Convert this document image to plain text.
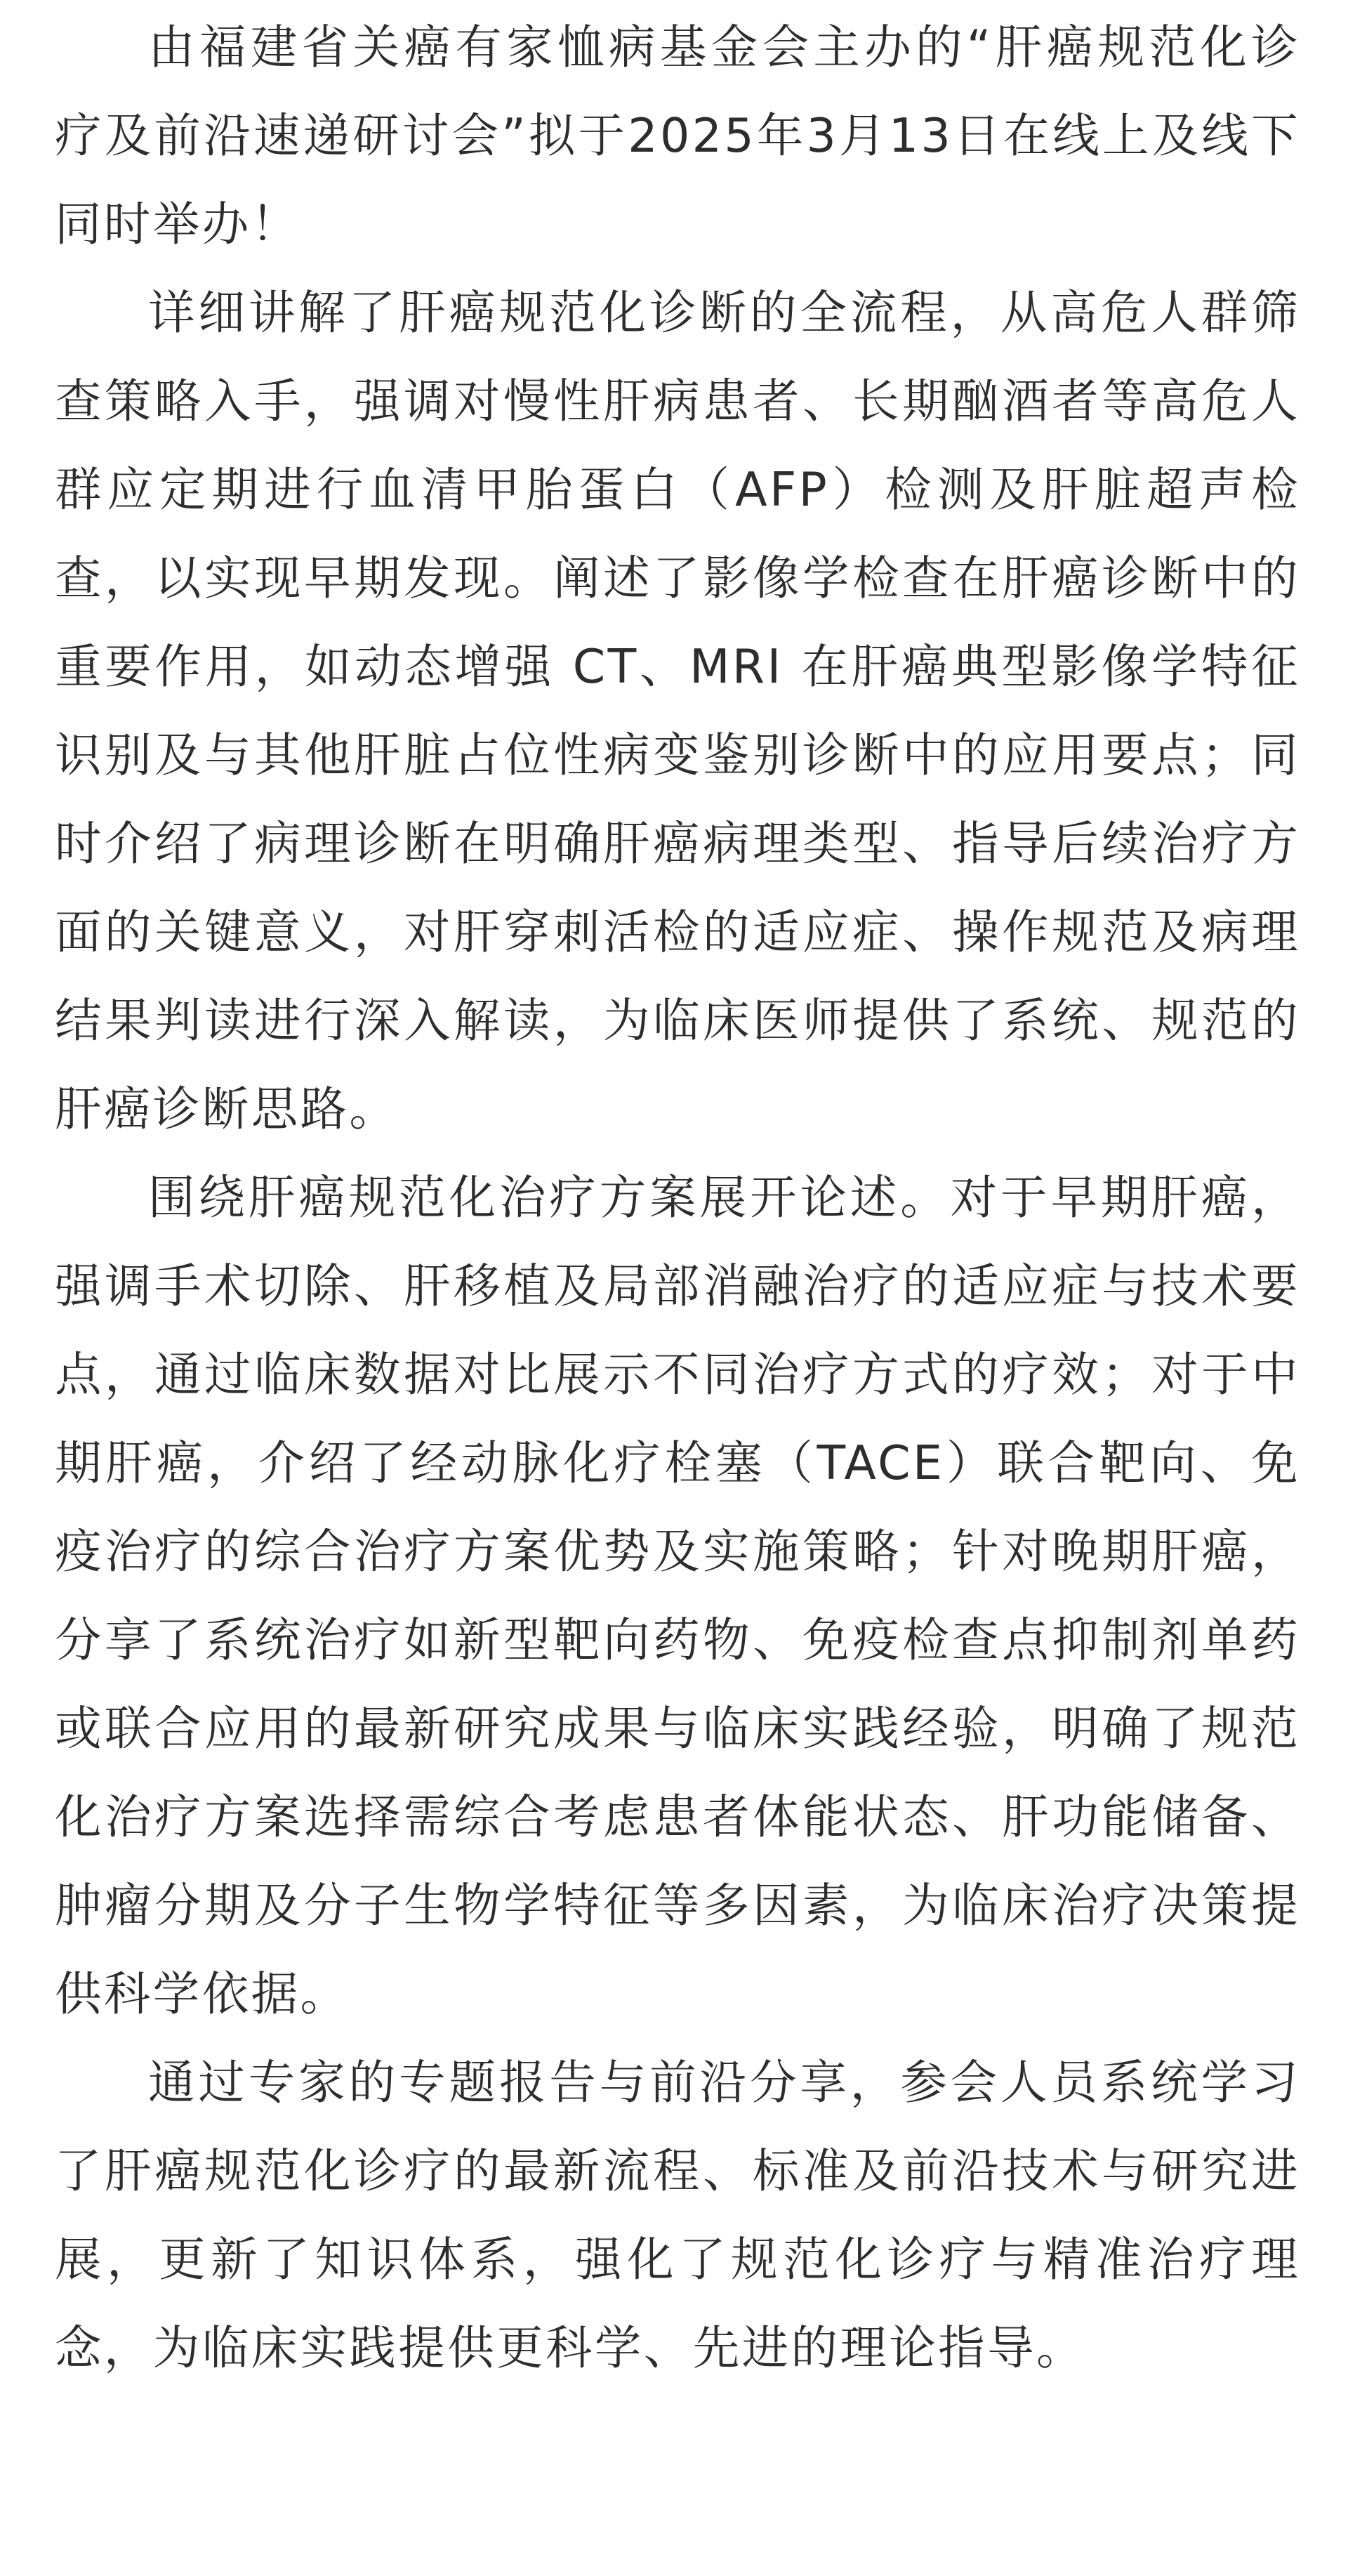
由福建省关癌有家恤病基金会主办的“肝癌规范化诊疗及前沿速递研讨会”拟于2025年3月13日在线上及线下同时举办！

详细讲解了肝癌规范化诊断的全流程，从高危人群筛查策略入手，强调对慢性肝病患者、长期酗酒者等高危人群应定期进行血清甲胎蛋白（AFP）检测及肝脏超声检查，以实现早期发现。阐述了影像学检查在肝癌诊断中的重要作用，如动态增强 CT、MRI 在肝癌典型影像学特征识别及与其他肝脏占位性病变鉴别诊断中的应用要点；同时介绍了病理诊断在明确肝癌病理类型、指导后续治疗方面的关键意义，对肝穿刺活检的适应症、操作规范及病理结果判读进行深入解读，为临床医师提供了系统、规范的肝癌诊断思路。

围绕肝癌规范化治疗方案展开论述。对于早期肝癌，强调手术切除、肝移植及局部消融治疗的适应症与技术要点，通过临床数据对比展示不同治疗方式的疗效；对于中期肝癌，介绍了经动脉化疗栓塞（TACE）联合靶向、免疫治疗的综合治疗方案优势及实施策略；针对晚期肝癌，分享了系统治疗如新型靶向药物、免疫检查点抑制剂单药或联合应用的最新研究成果与临床实践经验，明确了规范化治疗方案选择需综合考虑患者体能状态、肝功能储备、肿瘤分期及分子生物学特征等多因素，为临床治疗决策提供科学依据。

通过专家的专题报告与前沿分享，参会人员系统学习了肝癌规范化诊疗的最新流程、标准及前沿技术与研究进展，更新了知识体系，强化了规范化诊疗与精准治疗理念，为临床实践提供更科学、先进的理论指导。
